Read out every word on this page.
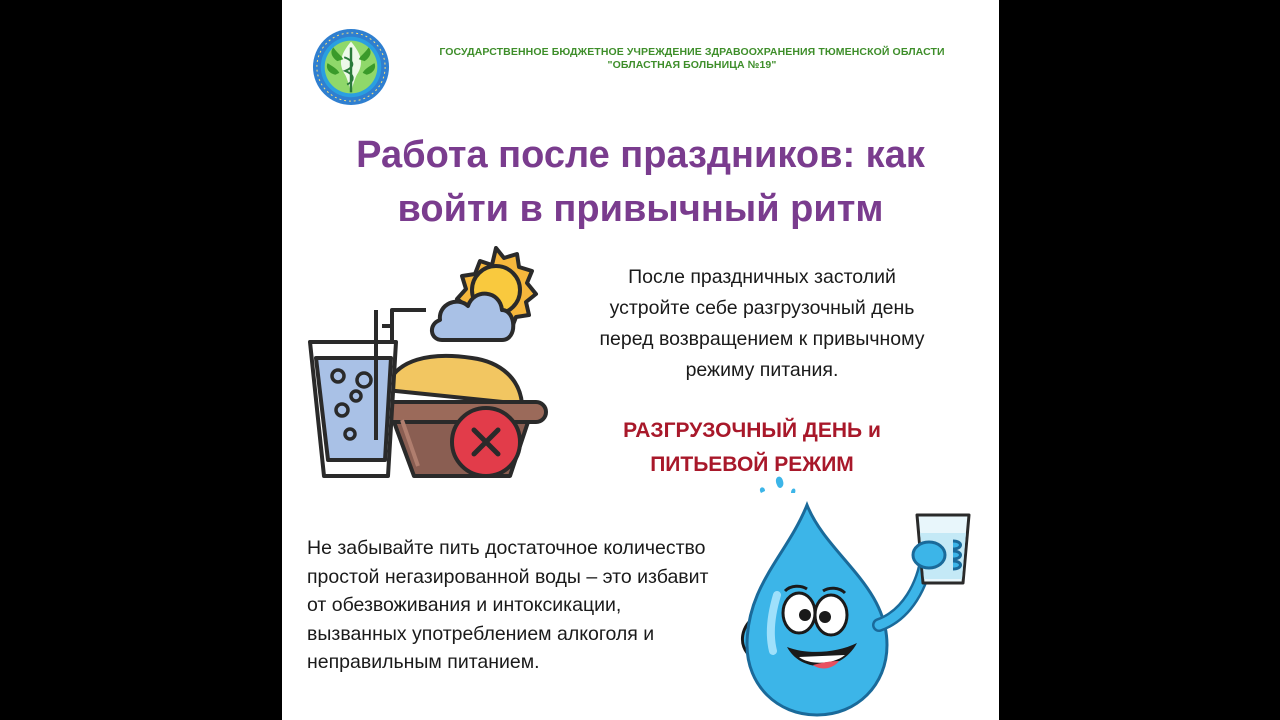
ГОСУДАРСТВЕННОЕ БЮДЖЕТНОЕ УЧРЕЖДЕНИЕ ЗДРАВООХРАНЕНИЯ ТЮМЕНСКОЙ ОБЛАСТИ
"ОБЛАСТНАЯ БОЛЬНИЦА №19"
Работа после праздников: как
войти в привычный ритм
После праздничных застолий
устройте себе разгрузочный день
перед возвращением к привычному
режиму питания.
РАЗГРУЗОЧНЫЙ ДЕНЬ и
ПИТЬЕВОЙ РЕЖИМ
Не забывайте пить достаточное количество
простой негазированной воды – это избавит
от обезвоживания и интоксикации,
вызванных употреблением алкоголя и
неправильным питанием.
